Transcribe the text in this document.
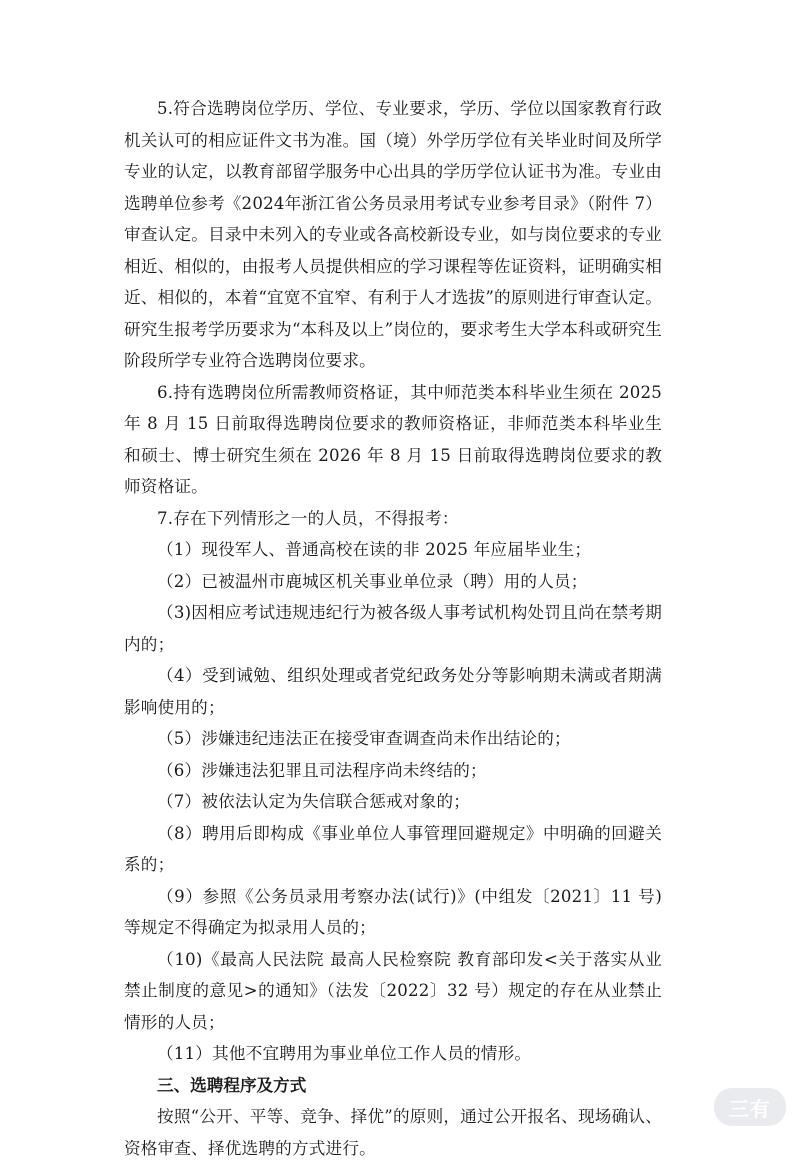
5.符合选聘岗位学历、学位、专业要求，学历、学位以国家教育行政机关认可的相应证件文书为准。国（境）外学历学位有关毕业时间及所学专业的认定，以教育部留学服务中心出具的学历学位认证书为准。专业由选聘单位参考《2024年浙江省公务员录用考试专业参考目录》（附件 7）审查认定。目录中未列入的专业或各高校新设专业，如与岗位要求的专业相近、相似的，由报考人员提供相应的学习课程等佐证资料，证明确实相近、相似的，本着“宜宽不宜窄、有利于人才选拔”的原则进行审查认定。研究生报考学历要求为“本科及以上”岗位的，要求考生大学本科或研究生阶段所学专业符合选聘岗位要求。

6.持有选聘岗位所需教师资格证，其中师范类本科毕业生须在 2025 年 8 月 15 日前取得选聘岗位要求的教师资格证，非师范类本科毕业生和硕士、博士研究生须在 2026 年 8 月 15 日前取得选聘岗位要求的教师资格证。

7.存在下列情形之一的人员，不得报考：

（1）现役军人、普通高校在读的非 2025 年应届毕业生；

（2）已被温州市鹿城区机关事业单位录（聘）用的人员；

（3)因相应考试违规违纪行为被各级人事考试机构处罚且尚在禁考期内的；

（4）受到诫勉、组织处理或者党纪政务处分等影响期未满或者期满影响使用的；

（5）涉嫌违纪违法正在接受审查调查尚未作出结论的；

（6）涉嫌违法犯罪且司法程序尚未终结的；

（7）被依法认定为失信联合惩戒对象的；

（8）聘用后即构成《事业单位人事管理回避规定》中明确的回避关系的；

（9）参照《公务员录用考察办法(试行)》(中组发〔2021〕11 号)等规定不得确定为拟录用人员的；

（10)《最高人民法院 最高人民检察院 教育部印发<关于落实从业禁止制度的意见>的通知》（法发〔2022〕32 号）规定的存在从业禁止情形的人员；

（11）其他不宜聘用为事业单位工作人员的情形。

三、选聘程序及方式

按照“公开、平等、竞争、择优”的原则，通过公开报名、现场确认、资格审查、择优选聘的方式进行。

三有
